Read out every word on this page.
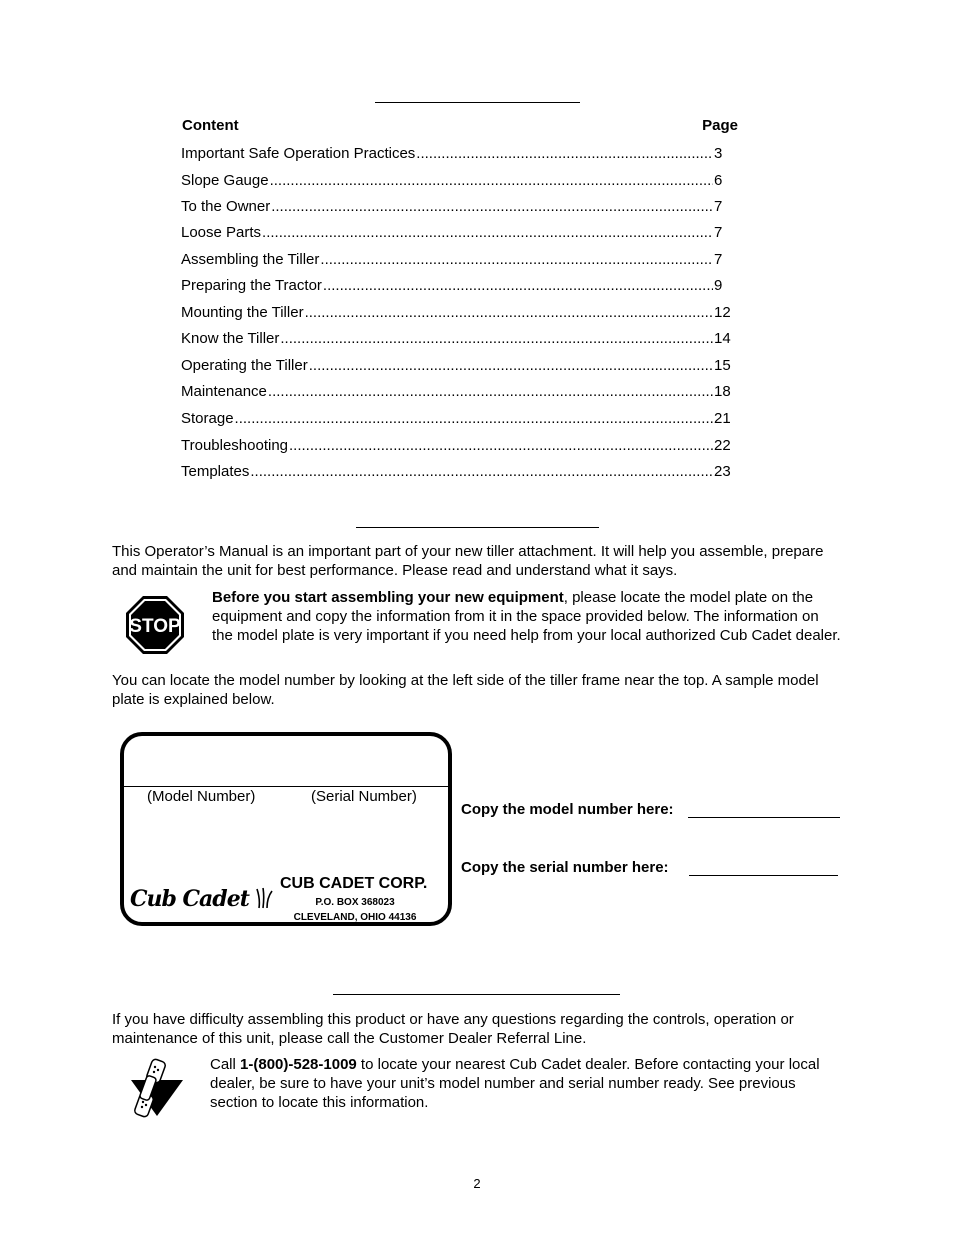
Content	Page
Important Safe Operation Practices .....	3
Slope Gauge .....	6
To the Owner .....	7
Loose Parts .....	7
Assembling the Tiller .....	7
Preparing the Tractor .....	9
Mounting the Tiller .....	12
Know the Tiller .....	14
Operating the Tiller .....	15
Maintenance .....	18
Storage .....	21
Troubleshooting .....	22
Templates .....	23
This Operator’s Manual is an important part of your new tiller attachment. It will help you assemble, prepare and maintain the unit for best performance. Please read and understand what it says.
STOP
Before you start assembling your new equipment, please locate the model plate on the equipment and copy the information from it in the space provided below. The information on the model plate is very important if you need help from your local authorized Cub Cadet dealer.
You can locate the model number by looking at the left side of the tiller frame near the top. A sample model plate is explained below.
(Model Number)	(Serial Number)
Cub Cadet
CUB CADET CORP.
P.O. BOX 368023
CLEVELAND, OHIO 44136
Copy the model number here:
Copy the serial number here:
If you have difficulty assembling this product or have any questions regarding the controls, operation or maintenance of this unit, please call the Customer Dealer Referral Line.
Call 1-(800)-528-1009 to locate your nearest Cub Cadet dealer. Before contacting your local dealer, be sure to have your unit’s model number and serial number ready. See previous section to locate this information.
2
